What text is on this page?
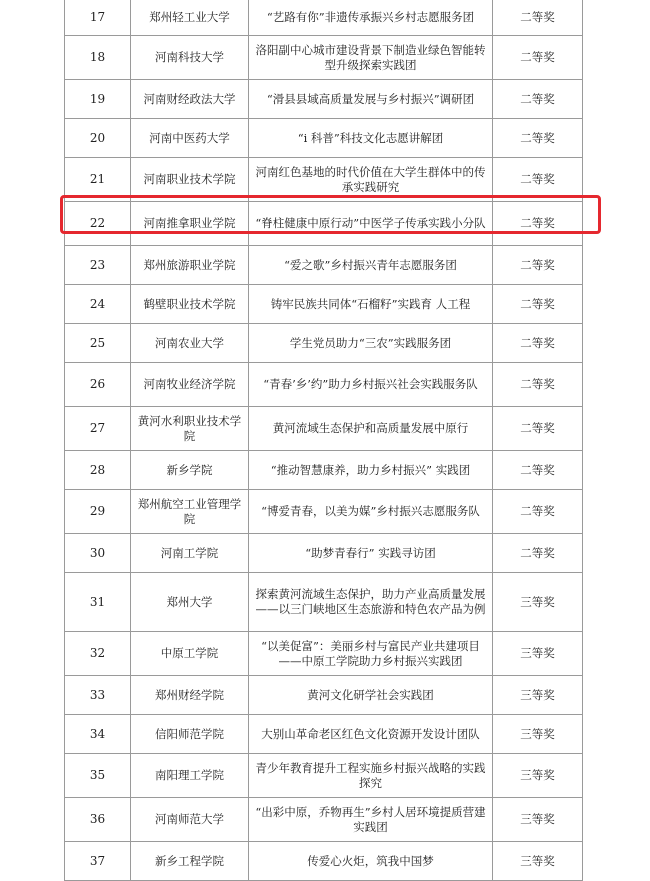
17	郑州轻工业大学	“艺路有你”非遗传承振兴乡村志愿服务团	二等奖
18	河南科技大学	洛阳副中心城市建设背景下制造业绿色智能转型升级探索实践团	二等奖
19	河南财经政法大学	“滑县县域高质量发展与乡村振兴”调研团	二等奖
20	河南中医药大学	“i 科普”科技文化志愿讲解团	二等奖
21	河南职业技术学院	河南红色基地的时代价值在大学生群体中的传承实践研究	二等奖
22	河南推拿职业学院	“脊柱健康中原行动”中医学子传承实践小分队	二等奖
23	郑州旅游职业学院	“爱之歌”乡村振兴青年志愿服务团	二等奖
24	鹤壁职业技术学院	铸牢民族共同体“石榴籽”实践育 人工程	二等奖
25	河南农业大学	学生党员助力“三农”实践服务团	二等奖
26	河南牧业经济学院	“青春’乡’约”助力乡村振兴社会实践服务队	二等奖
27	黄河水利职业技术学院	黄河流域生态保护和高质量发展中原行	二等奖
28	新乡学院	“推动智慧康养，助力乡村振兴” 实践团	二等奖
29	郑州航空工业管理学院	“博爱青春，以美为媒”乡村振兴志愿服务队	二等奖
30	河南工学院	“助梦青春行” 实践寻访团	二等奖
31	郑州大学	探索黄河流域生态保护，助力产业高质量发展——以三门峡地区生态旅游和特色农产品为例	三等奖
32	中原工学院	“以美促富”：美丽乡村与富民产业共建项目——中原工学院助力乡村振兴实践团	三等奖
33	郑州财经学院	黄河文化研学社会实践团	三等奖
34	信阳师范学院	大别山革命老区红色文化资源开发设计团队	三等奖
35	南阳理工学院	青少年教育提升工程实施乡村振兴战略的实践探究	三等奖
36	河南师范大学	“出彩中原，乔物再生”乡村人居环境提质营建实践团	三等奖
37	新乡工程学院	传爱心火炬，筑我中国梦	三等奖
